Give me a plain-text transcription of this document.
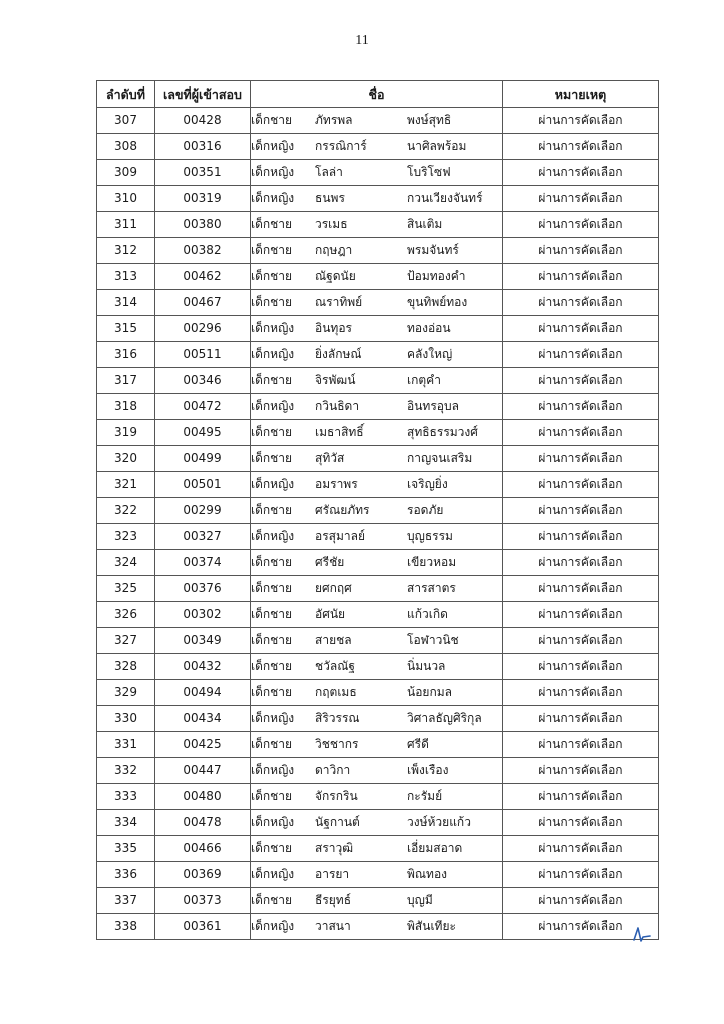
11
ลำดับที่	เลขที่ผู้เข้าสอบ	ชื่อ	หมายเหตุ
307	00428	เด็กชาย ภัทรพล พงษ์สุทธิ	ผ่านการคัดเลือก
308	00316	เด็กหญิง กรรณิการ์ นาศิลพร้อม	ผ่านการคัดเลือก
309	00351	เด็กหญิง โลล่า โบริโซฟ	ผ่านการคัดเลือก
310	00319	เด็กหญิง ธนพร กวนเวียงจันทร์	ผ่านการคัดเลือก
311	00380	เด็กชาย วรเมธ สินเติม	ผ่านการคัดเลือก
312	00382	เด็กชาย กฤษฎา พรมจันทร์	ผ่านการคัดเลือก
313	00462	เด็กชาย ณัฐดนัย ป้อมทองคำ	ผ่านการคัดเลือก
314	00467	เด็กชาย ณราทิพย์ ขุนทิพย์ทอง	ผ่านการคัดเลือก
315	00296	เด็กหญิง อินทุอร ทองอ่อน	ผ่านการคัดเลือก
316	00511	เด็กหญิง ยิ่งลักษณ์ คลังใหญ่	ผ่านการคัดเลือก
317	00346	เด็กชาย จิรพัฒน์ เกตุคำ	ผ่านการคัดเลือก
318	00472	เด็กหญิง กวินธิดา อินทรอุบล	ผ่านการคัดเลือก
319	00495	เด็กชาย เมธาสิทธิ์ สุทธิธรรมวงศ์	ผ่านการคัดเลือก
320	00499	เด็กชาย สุทิวัส กาญจนเสริม	ผ่านการคัดเลือก
321	00501	เด็กหญิง อมราพร เจริญยิ่ง	ผ่านการคัดเลือก
322	00299	เด็กชาย ศรัณยภัทร รอดภัย	ผ่านการคัดเลือก
323	00327	เด็กหญิง อรสุมาลย์ บุญธรรม	ผ่านการคัดเลือก
324	00374	เด็กชาย ศรีชัย เขียวหอม	ผ่านการคัดเลือก
325	00376	เด็กชาย ยศกฤศ สารสาตร	ผ่านการคัดเลือก
326	00302	เด็กชาย อัศนัย แก้วเกิด	ผ่านการคัดเลือก
327	00349	เด็กชาย สายชล โอฬาวนิช	ผ่านการคัดเลือก
328	00432	เด็กชาย ชวัลณัฐ นิ่มนวล	ผ่านการคัดเลือก
329	00494	เด็กชาย กฤตเมธ น้อยกมล	ผ่านการคัดเลือก
330	00434	เด็กหญิง สิริวรรณ วิศาลธัญศิริกุล	ผ่านการคัดเลือก
331	00425	เด็กชาย วิชชากร ศรีดี	ผ่านการคัดเลือก
332	00447	เด็กหญิง ดาวิกา เพ็งเรือง	ผ่านการคัดเลือก
333	00480	เด็กชาย จักรกริน กะรัมย์	ผ่านการคัดเลือก
334	00478	เด็กหญิง นัฐกานต์ วงษ์ห้วยแก้ว	ผ่านการคัดเลือก
335	00466	เด็กชาย สราวุฒิ เอี่ยมสอาด	ผ่านการคัดเลือก
336	00369	เด็กหญิง อารยา พิณทอง	ผ่านการคัดเลือก
337	00373	เด็กชาย ธีรยุทธ์ บุญมี	ผ่านการคัดเลือก
338	00361	เด็กหญิง วาสนา พิสันเทียะ	ผ่านการคัดเลือก
